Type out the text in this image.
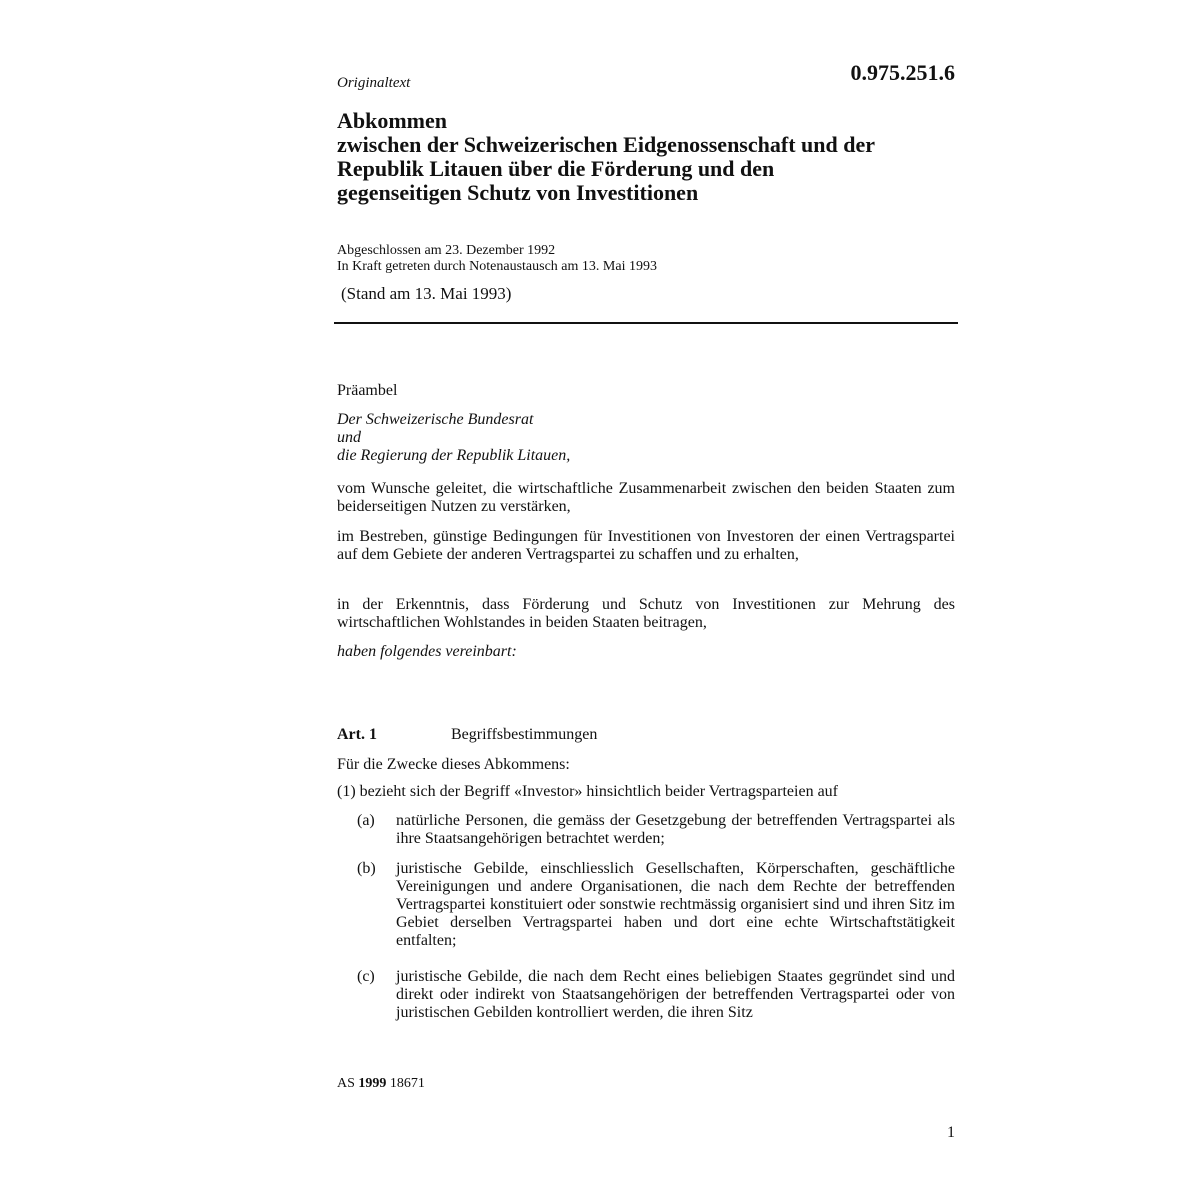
Originaltext	0.975.251.6
Abkommen
zwischen der Schweizerischen Eidgenossenschaft und der
Republik Litauen über die Förderung und den
gegenseitigen Schutz von Investitionen
Abgeschlossen am 23. Dezember 1992
In Kraft getreten durch Notenaustausch am 13. Mai 1993
(Stand am 13. Mai 1993)
Präambel
Der Schweizerische Bundesrat
und
die Regierung der Republik Litauen,
vom Wunsche geleitet, die wirtschaftliche Zusammenarbeit zwischen den beiden Staaten zum beiderseitigen Nutzen zu verstärken,
im Bestreben, günstige Bedingungen für Investitionen von Investoren der einen Vertragspartei auf dem Gebiete der anderen Vertragspartei zu schaffen und zu erhalten,
in der Erkenntnis, dass Förderung und Schutz von Investitionen zur Mehrung des wirtschaftlichen Wohlstandes in beiden Staaten beitragen,
haben folgendes vereinbart:
Art. 1	Begriffsbestimmungen
Für die Zwecke dieses Abkommens:
(1) bezieht sich der Begriff «Investor» hinsichtlich beider Vertragsparteien auf
(a) natürliche Personen, die gemäss der Gesetzgebung der betreffenden Vertragspartei als ihre Staatsangehörigen betrachtet werden;
(b) juristische Gebilde, einschliesslich Gesellschaften, Körperschaften, geschäftliche Vereinigungen und andere Organisationen, die nach dem Rechte der betreffenden Vertragspartei konstituiert oder sonstwie rechtmässig organisiert sind und ihren Sitz im Gebiet derselben Vertragspartei haben und dort eine echte Wirtschaftstätigkeit entfalten;
(c) juristische Gebilde, die nach dem Recht eines beliebigen Staates gegründet sind und direkt oder indirekt von Staatsangehörigen der betreffenden Vertragspartei oder von juristischen Gebilden kontrolliert werden, die ihren Sitz
AS 1999 18671
1
